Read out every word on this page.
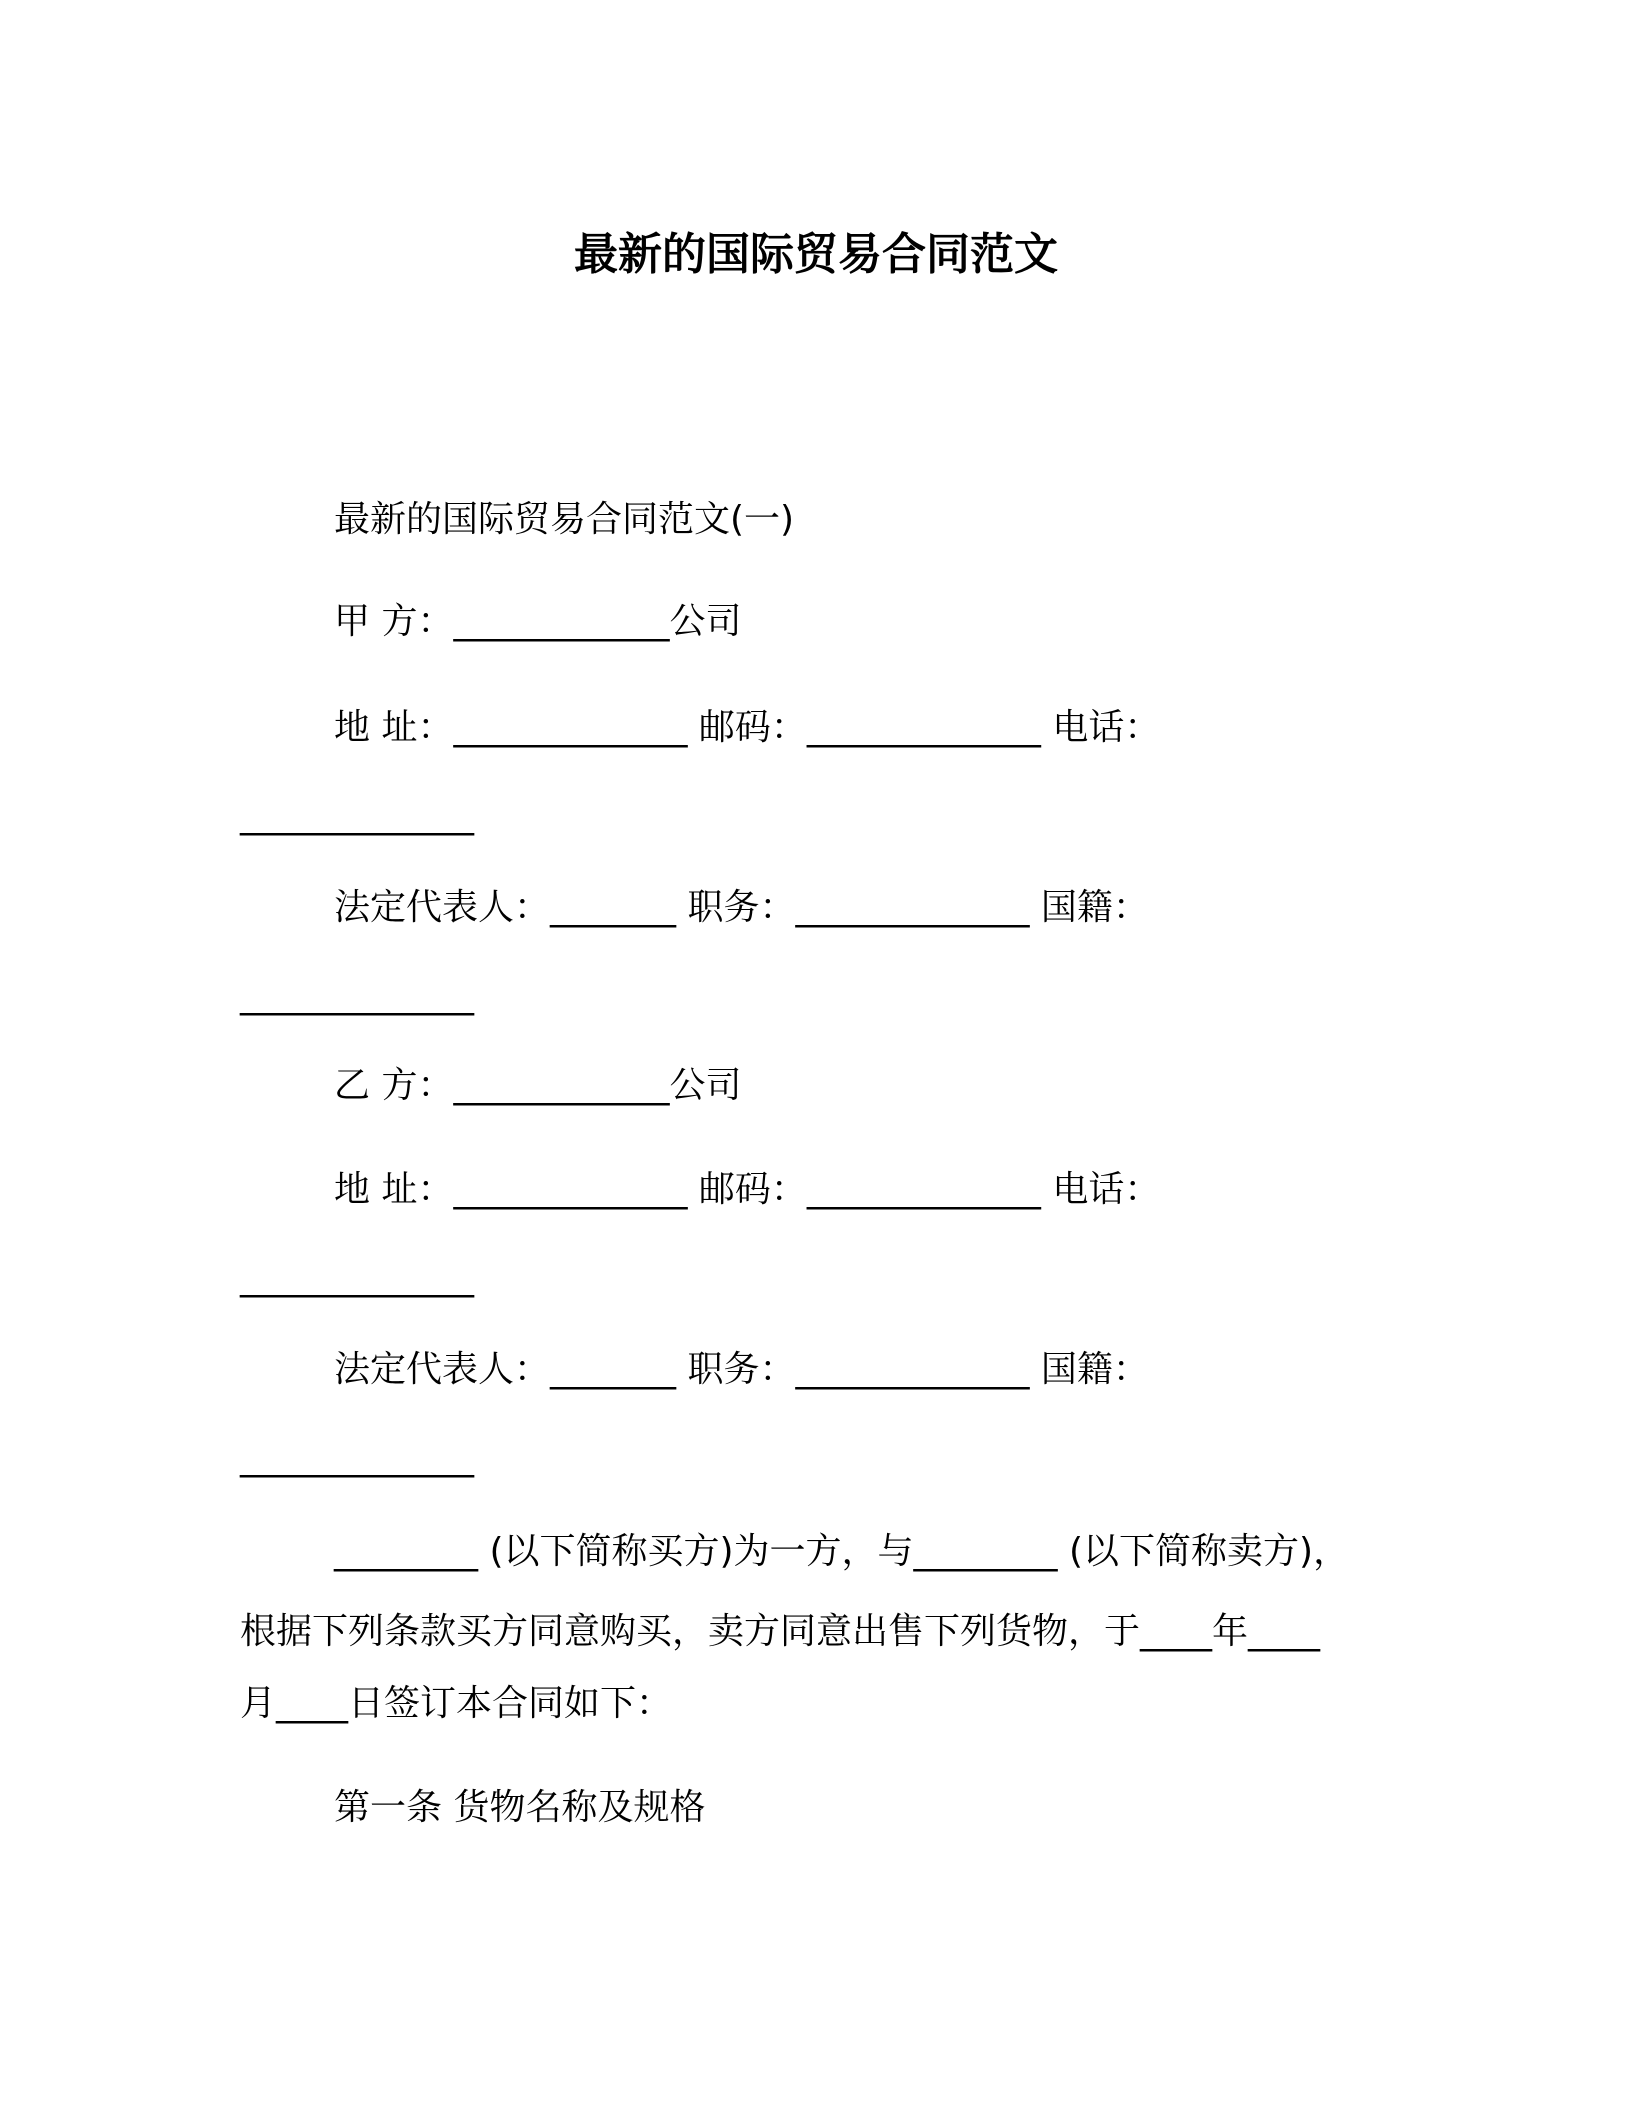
最新的国际贸易合同范文

最新的国际贸易合同范文(一)

甲 方：____________公司

地 址：_____________ 邮码：_____________ 电话：

_____________

法定代表人：_______ 职务：_____________ 国籍：

_____________

乙 方：____________公司

地 址：_____________ 邮码：_____________ 电话：

_____________

法定代表人：_______ 职务：_____________ 国籍：

_____________

________ (以下简称买方)为一方，与________ (以下简称卖方)，

根据下列条款买方同意购买，卖方同意出售下列货物，于____年____

月____日签订本合同如下：

第一条 货物名称及规格
